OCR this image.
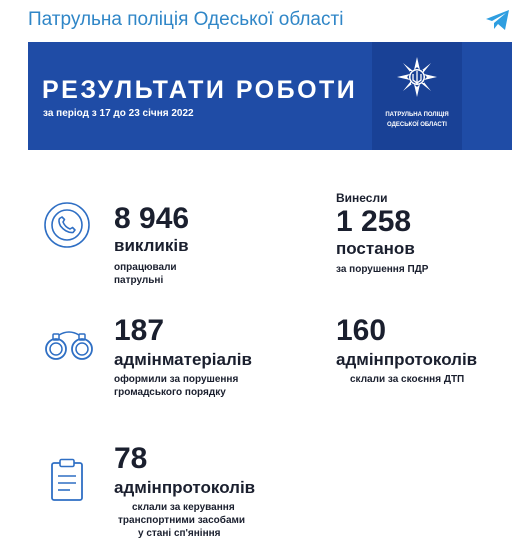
Патрульна поліція Одеської області
РЕЗУЛЬТАТИ РОБОТИ
за період з 17 до 23 січня 2022	ПАТРУЛЬНА ПОЛІЦІЯ
ОДЕСЬКОЇ ОБЛАСТІ
8 946
викликів
опрацювали
патрульні
Винесли
1 258
постанов
за порушення ПДР
187
адмінматеріалів
оформили за порушення
громадського порядку
160
адмінпротоколів
склали за скоєння ДТП
78
адмінпротоколів
склали за керування
транспортними засобами
у стані сп'яніння
